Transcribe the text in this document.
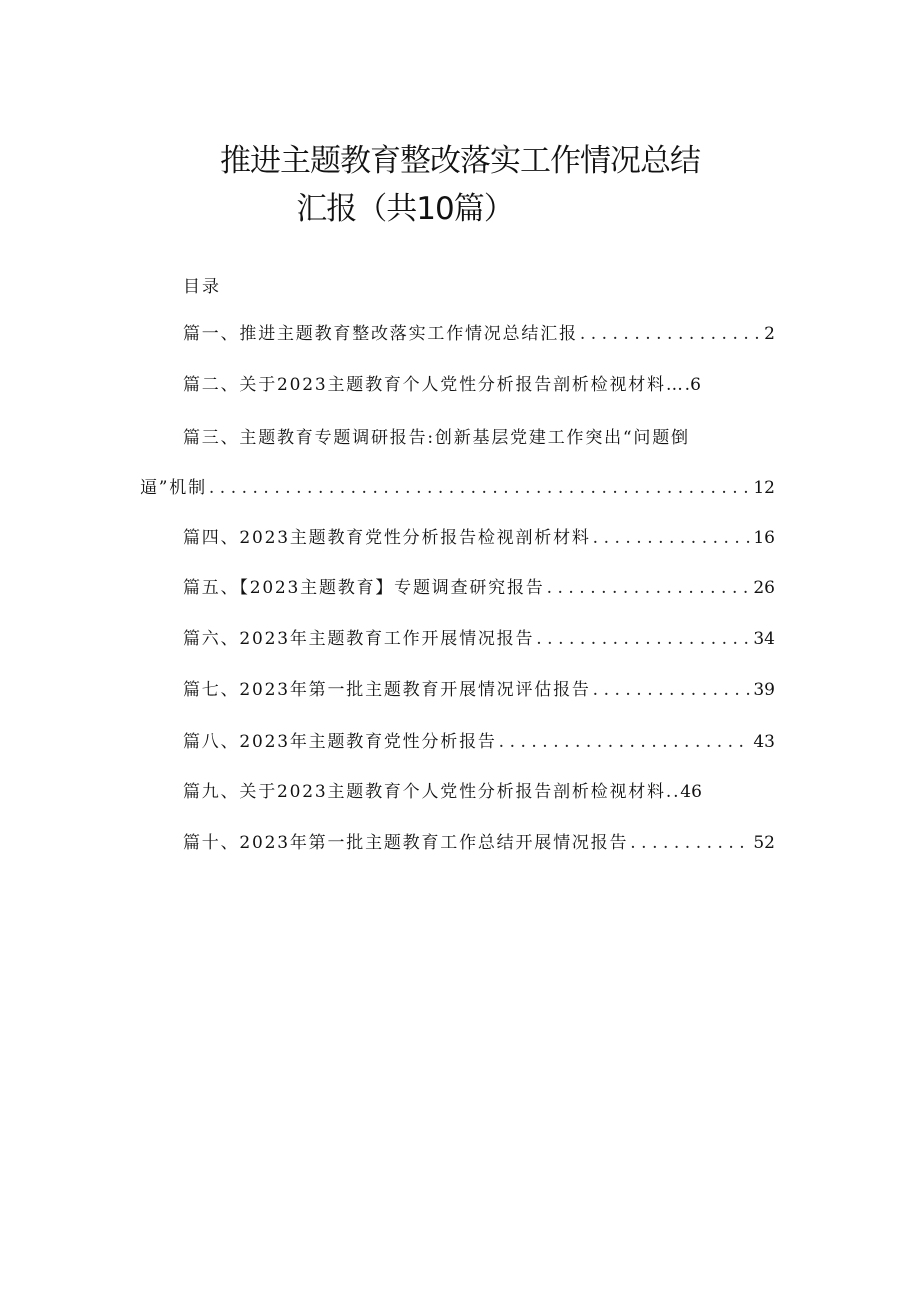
推进主题教育整改落实工作情况总结
汇报（共10篇）
目录
篇一、推进主题教育整改落实工作情况总结汇报 .....	2
篇二、关于2023主题教育个人党性分析报告剖析检视材料… .6
篇三、主题教育专题调研报告:创新基层党建工作突出“问题倒
逼”机制 .....	12
篇四、2023主题教育党性分析报告检视剖析材料 .....	16
篇五、【2023主题教育】专题调查研究报告 .....	26
篇六、2023年主题教育工作开展情况报告 .....	34
篇七、2023年第一批主题教育开展情况评估报告 .....	39
篇八、2023年主题教育党性分析报告 .....	43
篇九、关于2023主题教育个人党性分析报告剖析检视材料.. 46
篇十、2023年第一批主题教育工作总结开展情况报告 .....	52
